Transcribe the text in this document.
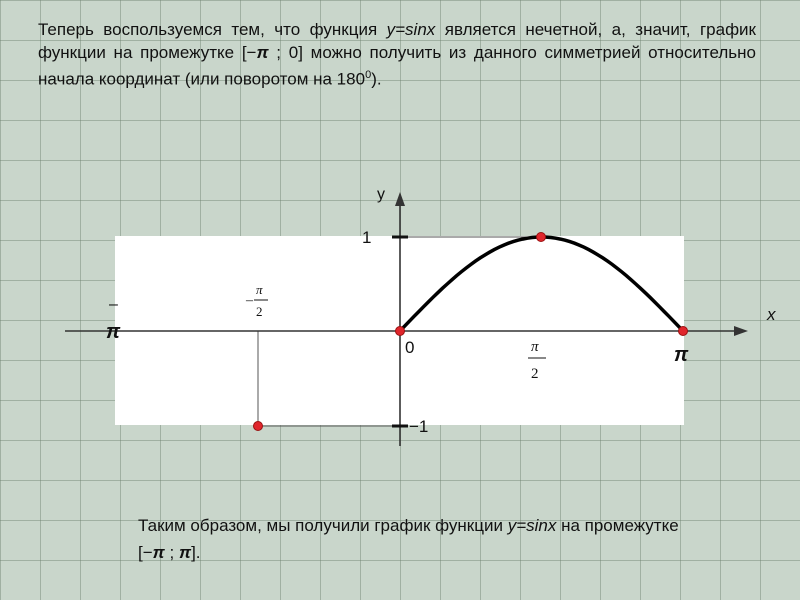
Теперь воспользуемся тем, что функция y=sinx является нечетной, а, значит, график функции на промежутке [−π ; 0] можно получить из данного симметрией относительно начала координат (или поворотом на $180^0$).

y
x
0
1
−1
–
π
π
–
π
2
π
2

Таким образом, мы получили график функции y=sinx на промежутке [−π ; π].
